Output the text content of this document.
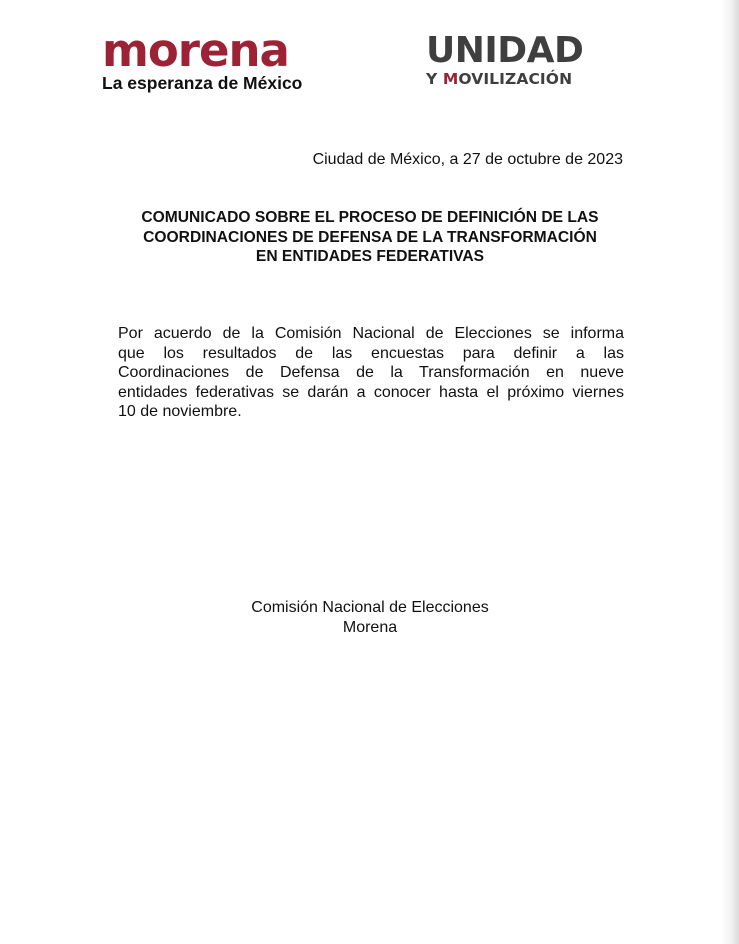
morena
La esperanza de México
UNIDAD
Y MOVILIZACIÓN
Ciudad de México, a 27 de octubre de 2023
COMUNICADO SOBRE EL PROCESO DE DEFINICIÓN DE LAS
COORDINACIONES DE DEFENSA DE LA TRANSFORMACIÓN
EN ENTIDADES FEDERATIVAS
Por acuerdo de la Comisión Nacional de Elecciones se informa
que los resultados de las encuestas para definir a las
Coordinaciones de Defensa de la Transformación en nueve
entidades federativas se darán a conocer hasta el próximo viernes
10 de noviembre.
Comisión Nacional de Elecciones
Morena
